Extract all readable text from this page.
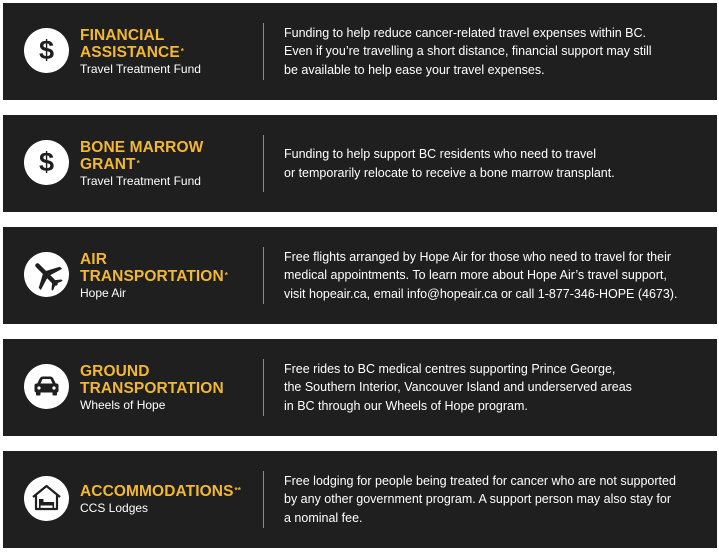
$ FINANCIAL
ASSISTANCE*
Travel Treatment Fund
Funding to help reduce cancer-related travel expenses within BC.
Even if you’re travelling a short distance, financial support may still
be available to help ease your travel expenses.
$ BONE MARROW
GRANT*
Travel Treatment Fund
Funding to help support BC residents who need to travel
or temporarily relocate to receive a bone marrow transplant.
AIR
TRANSPORTATION*
Hope Air
Free flights arranged by Hope Air for those who need to travel for their
medical appointments. To learn more about Hope Air’s travel support,
visit hopeair.ca, email info@hopeair.ca or call 1-877-346-HOPE (4673).
GROUND
TRANSPORTATION
Wheels of Hope
Free rides to BC medical centres supporting Prince George,
the Southern Interior, Vancouver Island and underserved areas
in BC through our Wheels of Hope program.
ACCOMMODATIONS**
CCS Lodges
Free lodging for people being treated for cancer who are not supported
by any other government program. A support person may also stay for
a nominal fee.
